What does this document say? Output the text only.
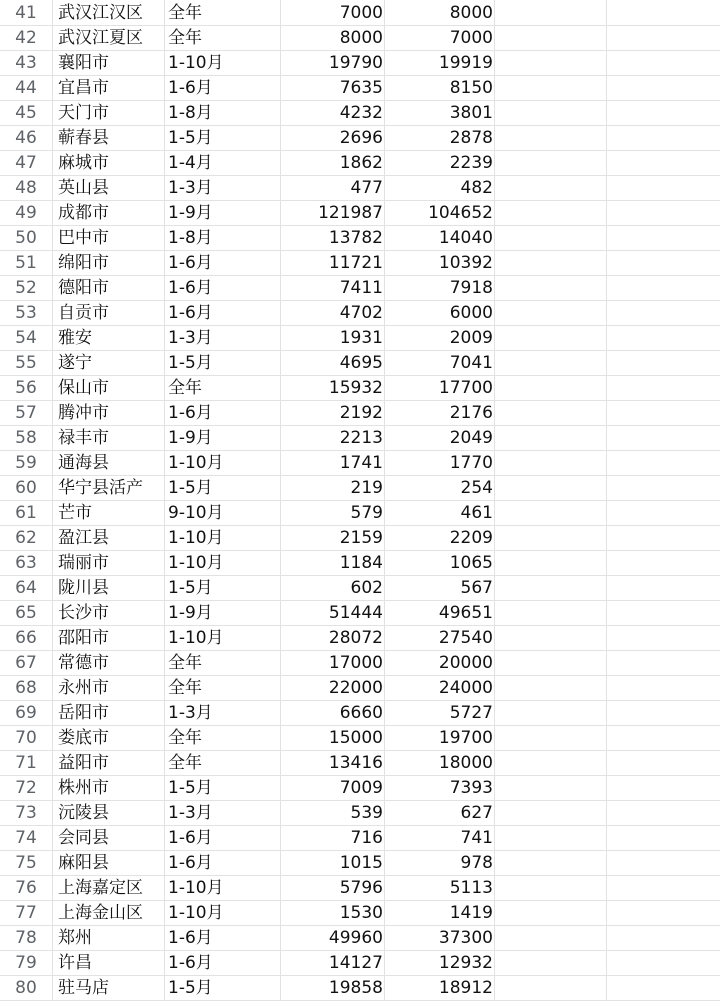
41	武汉江汉区	全年	7000	8000
42	武汉江夏区	全年	8000	7000
43	襄阳市	1-10月	19790	19919
44	宜昌市	1-6月	7635	8150
45	天门市	1-8月	4232	3801
46	蕲春县	1-5月	2696	2878
47	麻城市	1-4月	1862	2239
48	英山县	1-3月	477	482
49	成都市	1-9月	121987	104652
50	巴中市	1-8月	13782	14040
51	绵阳市	1-6月	11721	10392
52	德阳市	1-6月	7411	7918
53	自贡市	1-6月	4702	6000
54	雅安	1-3月	1931	2009
55	遂宁	1-5月	4695	7041
56	保山市	全年	15932	17700
57	腾冲市	1-6月	2192	2176
58	禄丰市	1-9月	2213	2049
59	通海县	1-10月	1741	1770
60	华宁县活产	1-5月	219	254
61	芒市	9-10月	579	461
62	盈江县	1-10月	2159	2209
63	瑞丽市	1-10月	1184	1065
64	陇川县	1-5月	602	567
65	长沙市	1-9月	51444	49651
66	邵阳市	1-10月	28072	27540
67	常德市	全年	17000	20000
68	永州市	全年	22000	24000
69	岳阳市	1-3月	6660	5727
70	娄底市	全年	15000	19700
71	益阳市	全年	13416	18000
72	株州市	1-5月	7009	7393
73	沅陵县	1-3月	539	627
74	会同县	1-6月	716	741
75	麻阳县	1-6月	1015	978
76	上海嘉定区	1-10月	5796	5113
77	上海金山区	1-10月	1530	1419
78	郑州	1-6月	49960	37300
79	许昌	1-6月	14127	12932
80	驻马店	1-5月	19858	18912
